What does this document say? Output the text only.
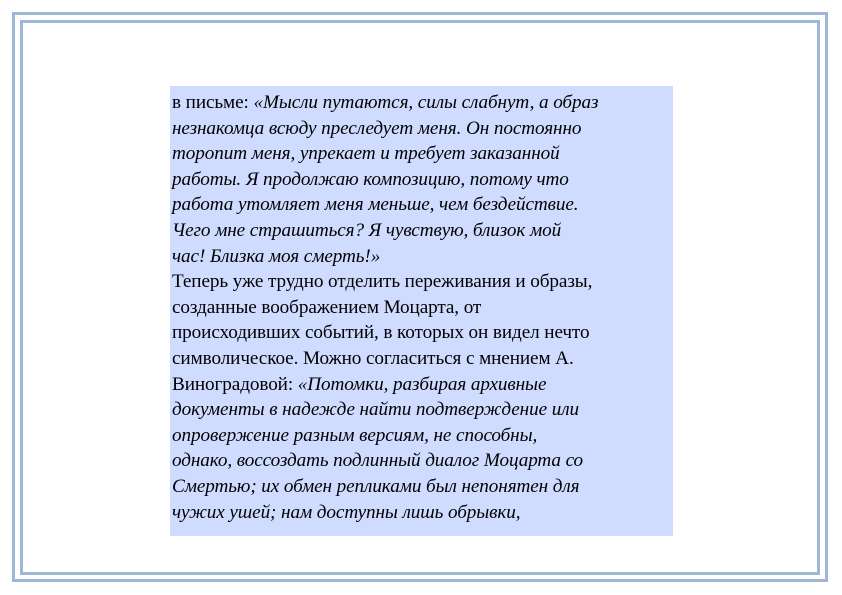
в письме: «Мысли путаются, силы слабнут, а образ
незнакомца всюду преследует меня. Он постоянно
торопит меня, упрекает и требует заказанной
работы. Я продолжаю композицию, потому что
работа утомляет меня меньше, чем бездействие.
Чего мне страшиться? Я чувствую, близок мой
час! Близка моя смерть!»
Теперь уже трудно отделить переживания и образы,
созданные воображением Моцарта, от
происходивших событий, в которых он видел нечто
символическое. Можно согласиться с мнением А.
Виноградовой: «Потомки, разбирая архивные
документы в надежде найти подтверждение или
опровержение разным версиям, не способны,
однако, воссоздать подлинный диалог Моцарта со
Смертью; их обмен репликами был непонятен для
чужих ушей; нам доступны лишь обрывки,
